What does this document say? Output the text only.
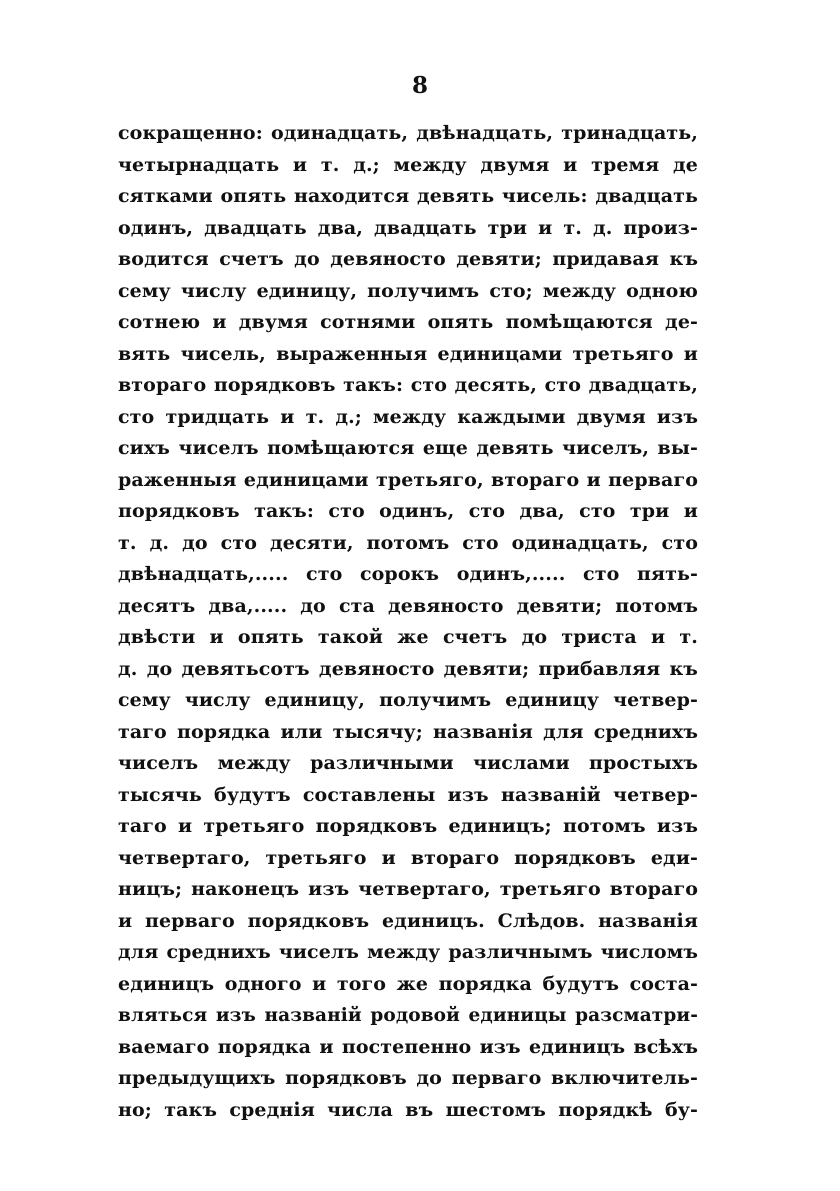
8
сокращенно: одинадцать, двѣнадцать, тринадцать,
четырнадцать и т. д.; между двумя и тремя де
сятками опять находится девять чисель: двадцать
одинъ, двадцать два, двадцать три и т. д. произ-
водится счетъ до девяносто девяти; придавая къ
сему числу единицу, получимъ сто; между одною
сотнею и двумя сотнями опять помѣщаются де-
вять чисель, выраженныя единицами третьяго и
втораго порядковъ такъ: сто десять, сто двадцать,
сто тридцать и т. д.; между каждыми двумя изъ
сихъ чиселъ помѣщаются еще девять чиселъ, вы-
раженныя единицами третьяго, втораго и перваго
порядковъ такъ: сто одинъ, сто два, сто три и
т. д. до сто десяти, потомъ сто одинадцать, сто
двѣнадцать,..... сто сорокъ одинъ,..... сто пять-
десятъ два,..... до ста девяносто девяти; потомъ
двѣсти и опять такой же счетъ до триста и т.
д. до девятьсотъ девяносто девяти; прибавляя къ
сему числу единицу, получимъ единицу четвер-
таго порядка или тысячу; названія для среднихъ
чиселъ между различными числами простыхъ
тысячь будутъ составлены изъ названій четвер-
таго и третьяго порядковъ единицъ; потомъ изъ
четвертаго, третьяго и втораго порядковъ еди-
ницъ; наконецъ изъ четвертаго, третьяго втораго
и перваго порядковъ единицъ. Слѣдов. названія
для среднихъ чиселъ между различнымъ числомъ
единицъ одного и того же порядка будутъ соста-
вляться изъ названій родовой единицы разсматри-
ваемаго порядка и постепенно изъ единицъ всѣхъ
предыдущихъ порядковъ до перваго включитель-
но; такъ среднія числа въ шестомъ порядкѣ бу-
